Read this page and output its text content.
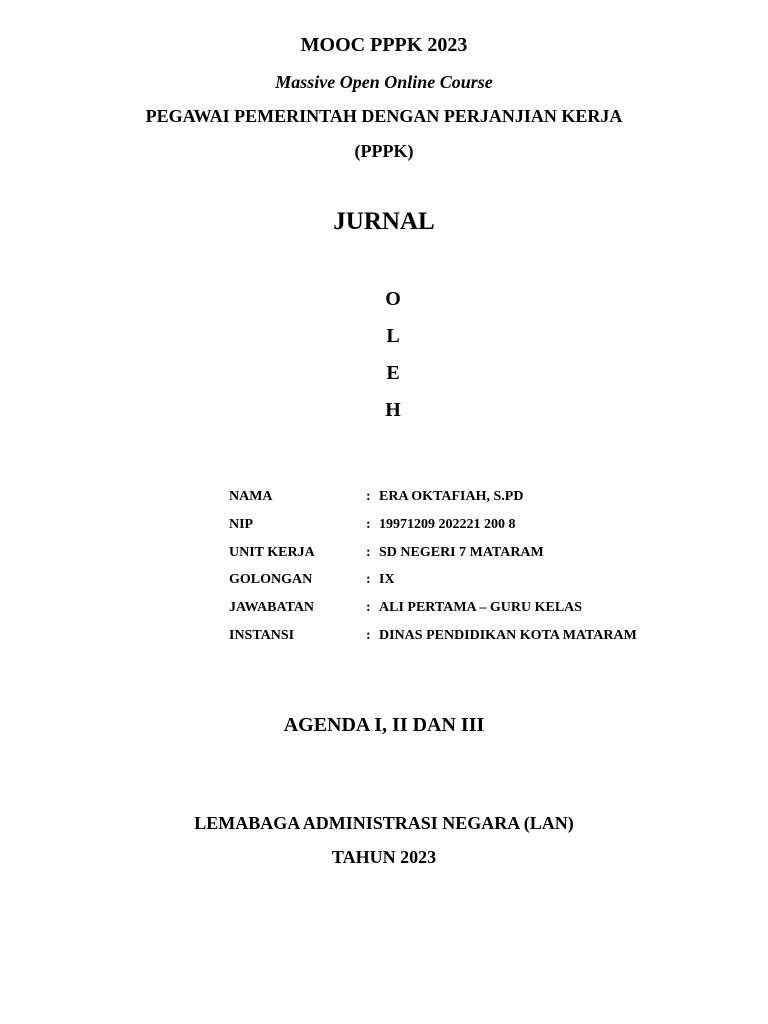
MOOC PPPK 2023
Massive Open Online Course
PEGAWAI PEMERINTAH DENGAN PERJANJIAN KERJA
(PPPK)
JURNAL
O
L
E
H
NAMA	: ERA OKTAFIAH, S.PD
NIP	: 19971209 202221 200 8
UNIT KERJA	: SD NEGERI 7 MATARAM
GOLONGAN	: IX
JAWABATAN	: ALI PERTAMA – GURU KELAS
INSTANSI	: DINAS PENDIDIKAN KOTA MATARAM
AGENDA I, II DAN III
LEMABAGA ADMINISTRASI NEGARA (LAN)
TAHUN 2023
